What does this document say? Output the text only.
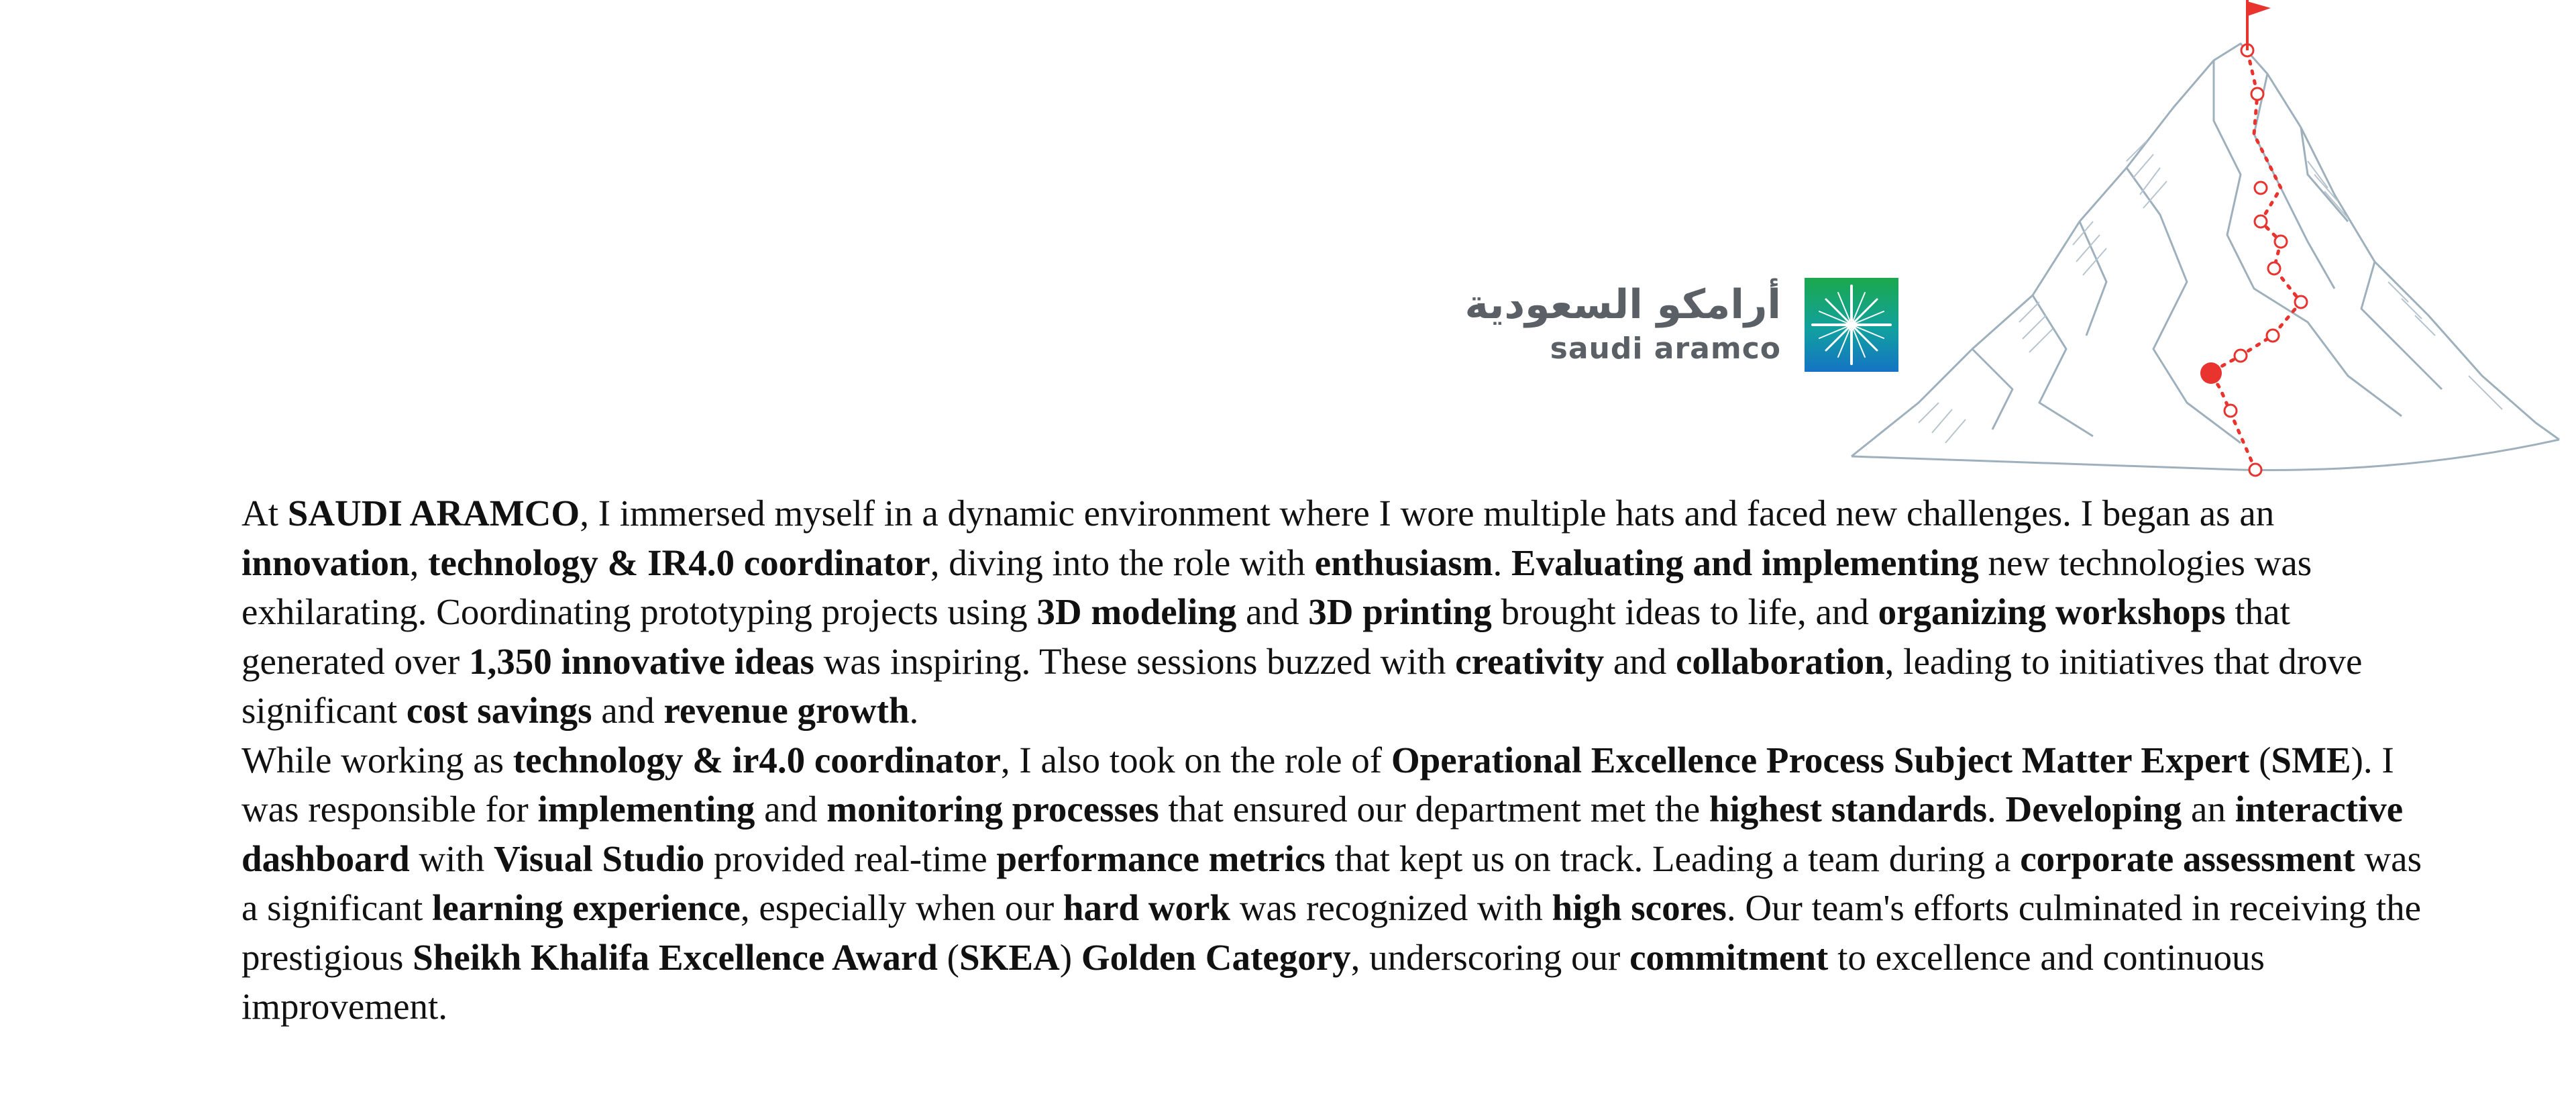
أرامكو السعودية
saudi aramco

At SAUDI ARAMCO, I immersed myself in a dynamic environment where I wore multiple hats and faced new challenges. I began as an innovation, technology & IR4.0 coordinator, diving into the role with enthusiasm. Evaluating and implementing new technologies was exhilarating. Coordinating prototyping projects using 3D modeling and 3D printing brought ideas to life, and organizing workshops that generated over 1,350 innovative ideas was inspiring. These sessions buzzed with creativity and collaboration, leading to initiatives that drove significant cost savings and revenue growth.

While working as technology & ir4.0 coordinator, I also took on the role of Operational Excellence Process Subject Matter Expert (SME). I was responsible for implementing and monitoring processes that ensured our department met the highest standards. Developing an interactive dashboard with Visual Studio provided real-time performance metrics that kept us on track. Leading a team during a corporate assessment was a significant learning experience, especially when our hard work was recognized with high scores. Our team's efforts culminated in receiving the prestigious Sheikh Khalifa Excellence Award (SKEA) Golden Category, underscoring our commitment to excellence and continuous improvement.
